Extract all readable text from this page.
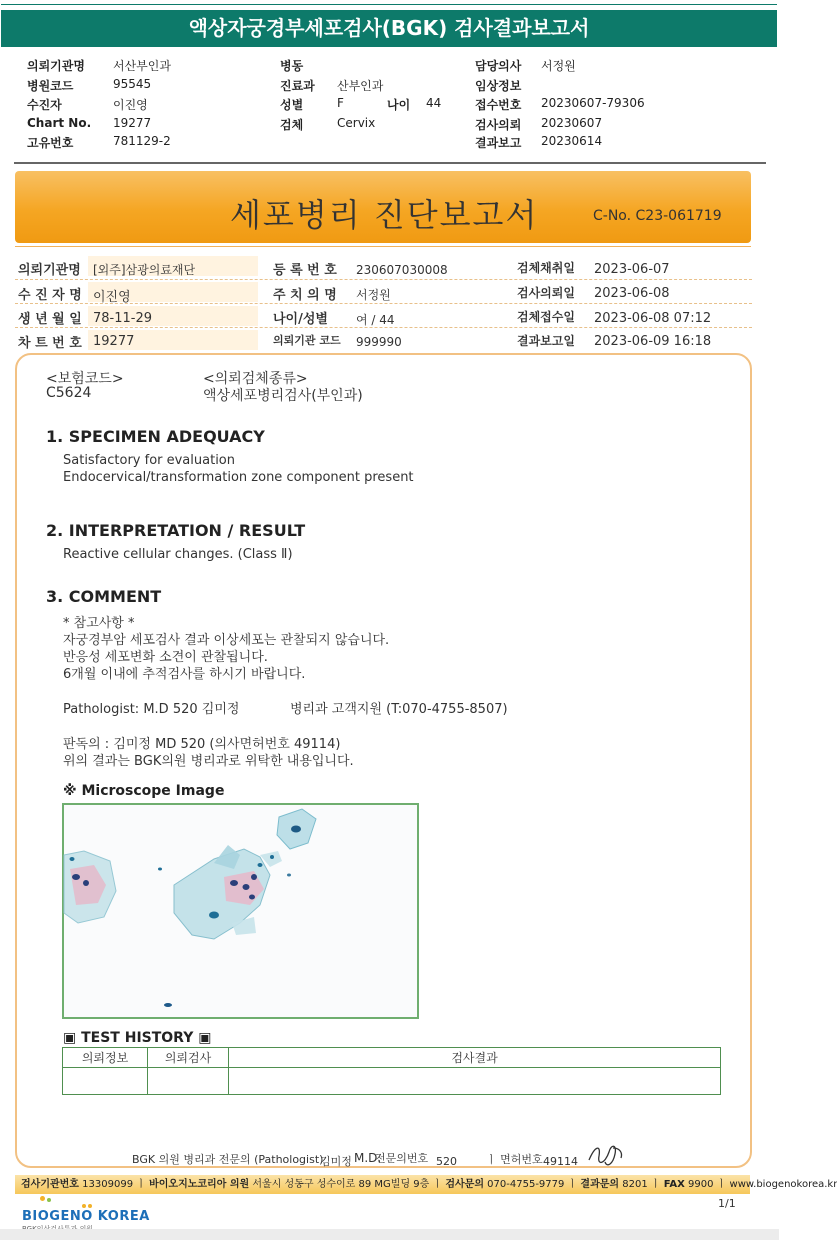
액상자궁경부세포검사(BGK) 검사결과보고서
의뢰기관명 서산부인과	병동	담당의사 서정원
병원코드	95545	진료과 산부인과	임상정보
수진자	이진영	성별	F	나이 44	접수번호 20230607-79306
Chart No. 19277	검체	Cervix	검사의뢰 20230607
고유번호	781129-2	결과보고 20230614
세포병리 진단보고서	C-No. C23-061719
의뢰기관명 [외주]삼광의료재단	등 록 번 호 230607030008	검체채취일 2023-06-07
수 진 자 명 이진영	주 치 의 명 서정원	검사의뢰일 2023-06-08
생 년 월 일 78-11-29	나이/성별 여 / 44	검체접수일 2023-06-08 07:12
차 트 번 호 19277	의뢰기관 코드 999990	결과보고일 2023-06-09 16:18
<보험코드>
C5624
<의뢰검체종류>
액상세포병리검사(부인과)
1. SPECIMEN ADEQUACY
Satisfactory for evaluation
Endocervical/transformation zone component present
2. INTERPRETATION / RESULT
Reactive cellular changes. (Class Ⅱ)
3. COMMENT
* 참고사항 *
자궁경부암 세포검사 결과 이상세포는 관찰되지 않습니다.
반응성 세포변화 소견이 관찰됩니다.
6개월 이내에 추적검사를 하시기 바랍니다.
Pathologist: M.D 520 김미정	병리과 고객지원 (T:070-4755-8507)
판독의 : 김미정 MD 520 (의사면허번호 49114)
위의 결과는 BGK의원 병리과로 위탁한 내용입니다.
※ Microscope Image
▣ TEST HISTORY ▣
의뢰정보	의뢰검사	검사결과

BGK 의원 병리과 전문의 (Pathologist)
김미정 M.D.
전문의번호 520	ㅣ 면허번호 49114
검사기관번호 13309099 ㅣ 바이오지노코리아 의원 서울시 성동구 성수이로 89 MG빌딩 9층 ㅣ 검사문의 070-4755-9779 ㅣ 결과문의 8201 ㅣ FAX 9900 ㅣ www.biogenokorea.kr
BIOGENO KOREA
1/1
